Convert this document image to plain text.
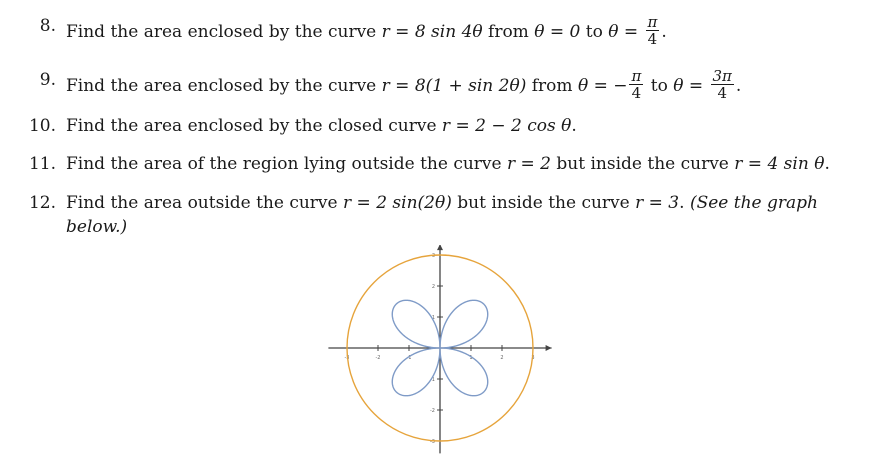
8. Find the area enclosed by the curve r = 8 sin 4θ from θ = 0 to $\theta = \frac{\pi}{4}$ .
9. Find the area enclosed by the curve r = 8(1 + sin 2θ) from θ = − $\frac{\pi}{4}$ to $\theta = \frac{3\pi}{4}$ .
10. Find the area enclosed by the closed curve r = 2 − 2 cos θ.
11. Find the area of the region lying outside the curve r = 2 but inside the curve r = 4 sin θ.
12. Find the area outside the curve r = 2 sin(2θ) but inside the curve r = 3. (See the graph
below.)
-3	-2	-1	1	2	3
3
2
1
-1
-2
-3
